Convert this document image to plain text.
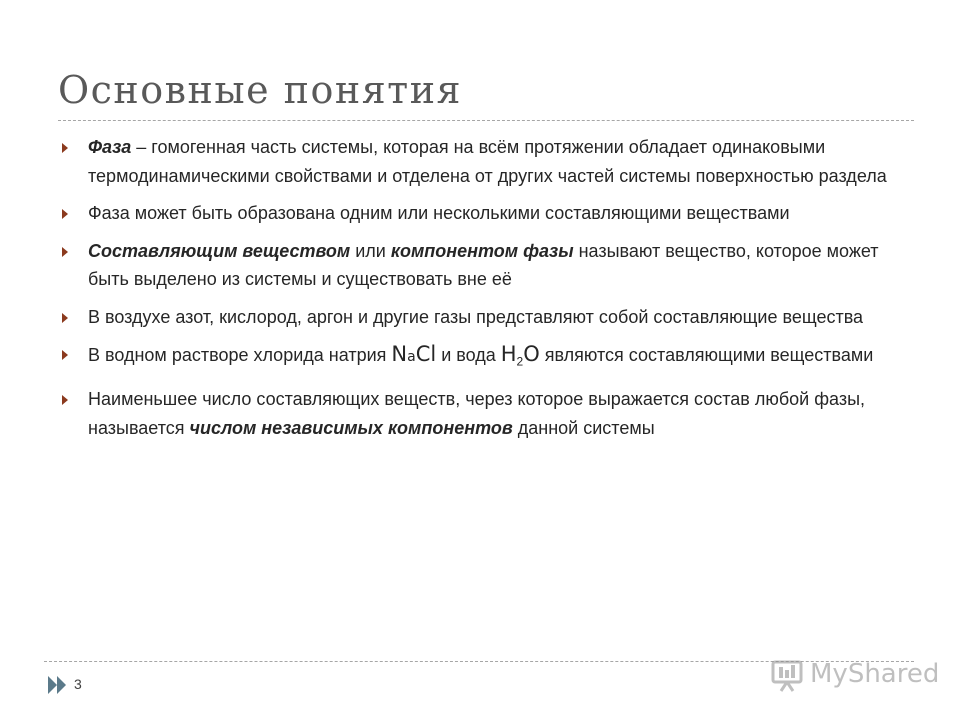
Основные понятия
Фаза – гомогенная часть системы, которая на всём протяжении обладает одинаковыми термодинамическими свойствами и отделена от других частей системы поверхностью раздела
Фаза может быть образована одним или несколькими составляющими веществами
Составляющим веществом или компонентом фазы называют вещество, которое может быть выделено из системы и существовать вне её
В воздухе азот, кислород, аргон и другие газы представляют собой составляющие вещества
В водном растворе хлорида натрия NaCl и вода $H_2O$ являются составляющими веществами
Наименьшее число составляющих веществ, через которое выражается состав любой фазы, называется числом независимых компонентов данной системы
3	MyShared
